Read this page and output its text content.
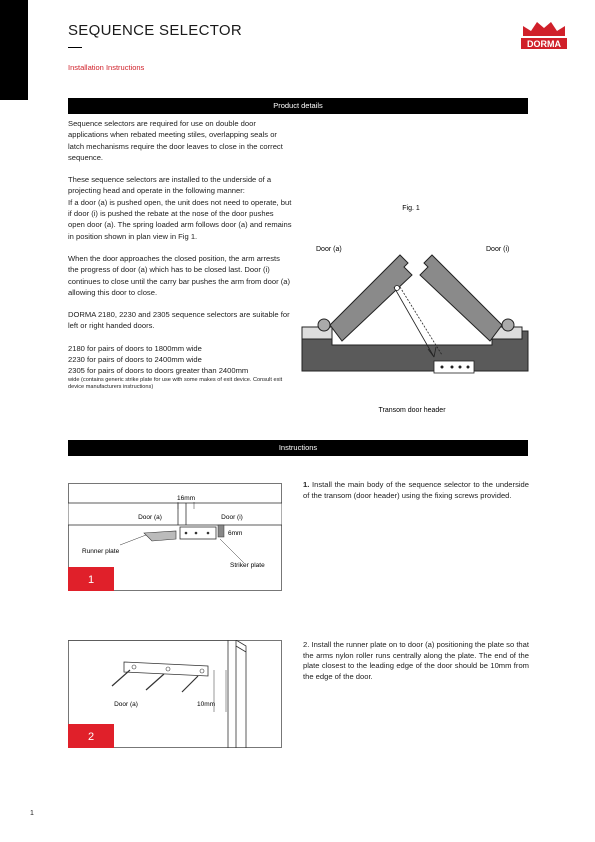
SEQUENCE SELECTOR
Installation Instructions
DORMA
Product details

Sequence selectors are required for use on double door applications when rebated meeting stiles, overlapping seals or latch mechanisms require the door leaves to close in the correct sequence.

These sequence selectors are installed to the underside of a projecting head and operate in the following manner:

If a door (a) is pushed open, the unit does not need to operate, but if door (i) is pushed the rebate at the nose of the door pushes open door (a). The spring loaded arm follows door (a) and remains in position shown in plan view in Fig 1.

When the door approaches the closed position, the arm arrests the progress of door (a) which has to be closed last. Door (i) continues to close until the carry bar pushes the arm from door (a) allowing this door to close.

DORMA 2180, 2230 and 2305 sequence selectors are suitable for left or right handed doors.

2180 for pairs of doors to 1800mm wide
2230 for pairs of doors to 2400mm wide
2305 for pairs of doors to doors greater than 2400mm
wide (contains generic strike plate for use with some makes of exit device. Consult exit device manufacturers instructions)
Fig. 1
Door (a)	Door (i)
Transom door header
Instructions
Door (a)	Door (i)
16mm
6mm
Runner plate
Striker plate
1
1. Install the main body of the sequence selector to the underside of the transom (door header) using the fixing screws provided.
Door (a)	10mm
2
2. Install the runner plate on to door (a) positioning the plate so that the arms nylon roller runs centrally along the plate. The end of the plate closest to the leading edge of the door should be 10mm from the edge of the door.
1
